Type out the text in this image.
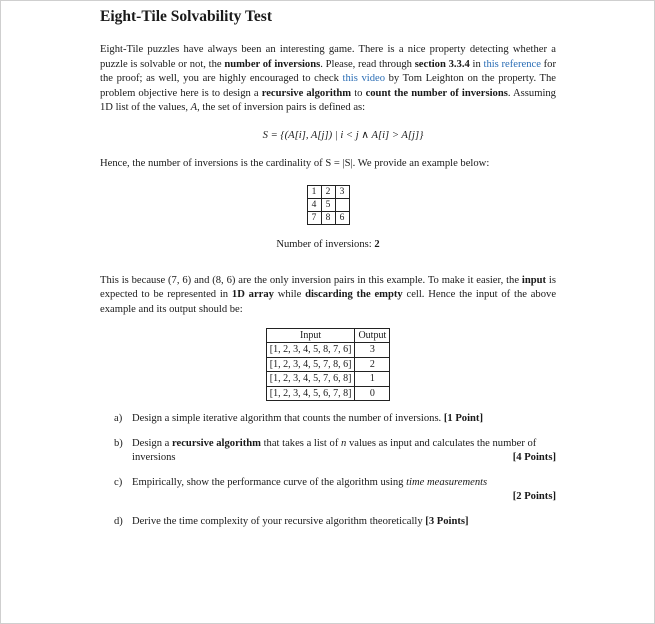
Eight-Tile Solvability Test

Eight-Tile puzzles have always been an interesting game. There is a nice property detecting whether a puzzle is solvable or not, the number of inversions. Please, read through section 3.3.4 in this reference for the proof; as well, you are highly encouraged to check this video by Tom Leighton on the property. The problem objective here is to design a recursive algorithm to count the number of inversions. Assuming 1D list of the values, A, the set of inversion pairs is defined as:

S = {(A[i], A[j]) | i < j ∧ A[i] > A[j]}

Hence, the number of inversions is the cardinality of S = |S|. We provide an example below:

1	2	3
4	5	
7	8	6
Number of inversions: 2

This is because (7, 6) and (8, 6) are the only inversion pairs in this example. To make it easier, the input is expected to be represented in 1D array while discarding the empty cell. Hence the input of the above example and its output should be:

Input	Output
[1, 2, 3, 4, 5, 8, 7, 6]	3
[1, 2, 3, 4, 5, 7, 8, 6]	2
[1, 2, 3, 4, 5, 7, 6, 8]	1
[1, 2, 3, 4, 5, 6, 7, 8]	0
a) Design a simple iterative algorithm that counts the number of inversions. [1 Point]
b) Design a recursive algorithm that takes a list of n values as input and calculates the number of inversions	[4 Points]
c) Empirically, show the performance curve of the algorithm using time measurements

[2 Points]
d) Derive the time complexity of your recursive algorithm theoretically [3 Points]
